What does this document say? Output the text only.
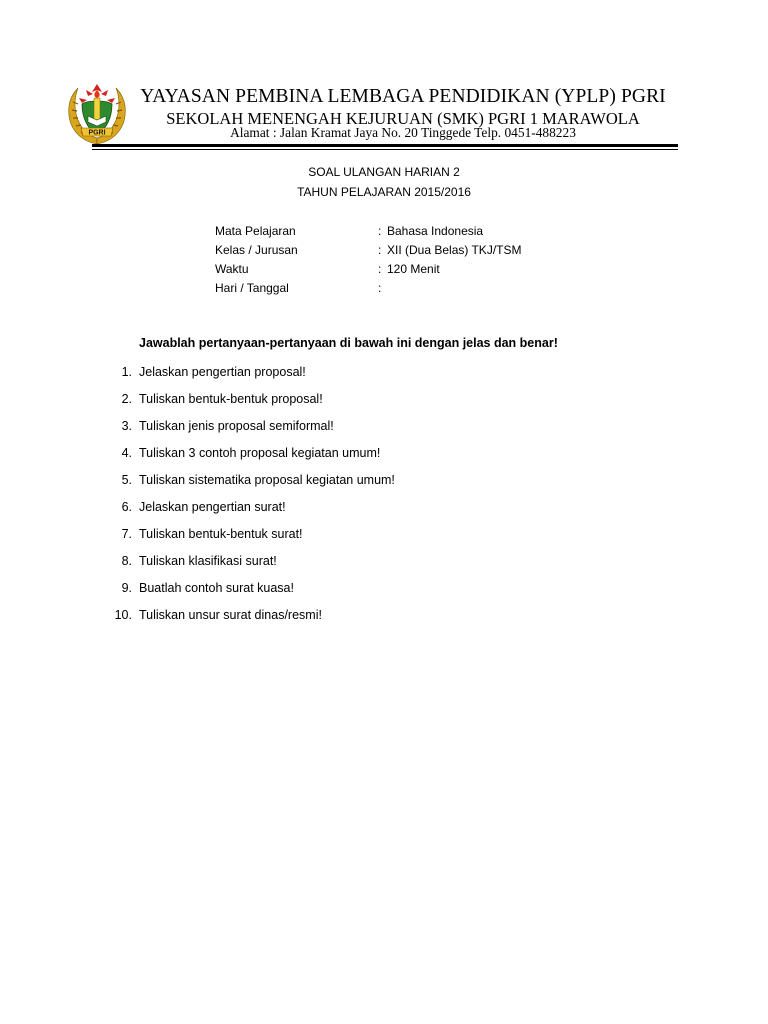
PGRI

YAYASAN PEMBINA LEMBAGA PENDIDIKAN (YPLP) PGRI

SEKOLAH MENENGAH KEJURUAN (SMK) PGRI 1 MARAWOLA

Alamat : Jalan Kramat Jaya No. 20 Tinggede Telp. 0451-488223

SOAL ULANGAN HARIAN 2

TAHUN PELAJARAN 2015/2016

Mata Pelajaran	: Bahasa Indonesia
Kelas / Jurusan	: XII (Dua Belas) TKJ/TSM
Waktu	: 120 Menit
Hari / Tanggal	:

Jawablah pertanyaan-pertanyaan di bawah ini dengan jelas dan benar!

1. Jelaskan pengertian proposal!
2. Tuliskan bentuk-bentuk proposal!
3. Tuliskan jenis proposal semiformal!
4. Tuliskan 3 contoh proposal kegiatan umum!
5. Tuliskan sistematika proposal kegiatan umum!
6. Jelaskan pengertian surat!
7. Tuliskan bentuk-bentuk surat!
8. Tuliskan klasifikasi surat!
9. Buatlah contoh surat kuasa!
10. Tuliskan unsur surat dinas/resmi!
